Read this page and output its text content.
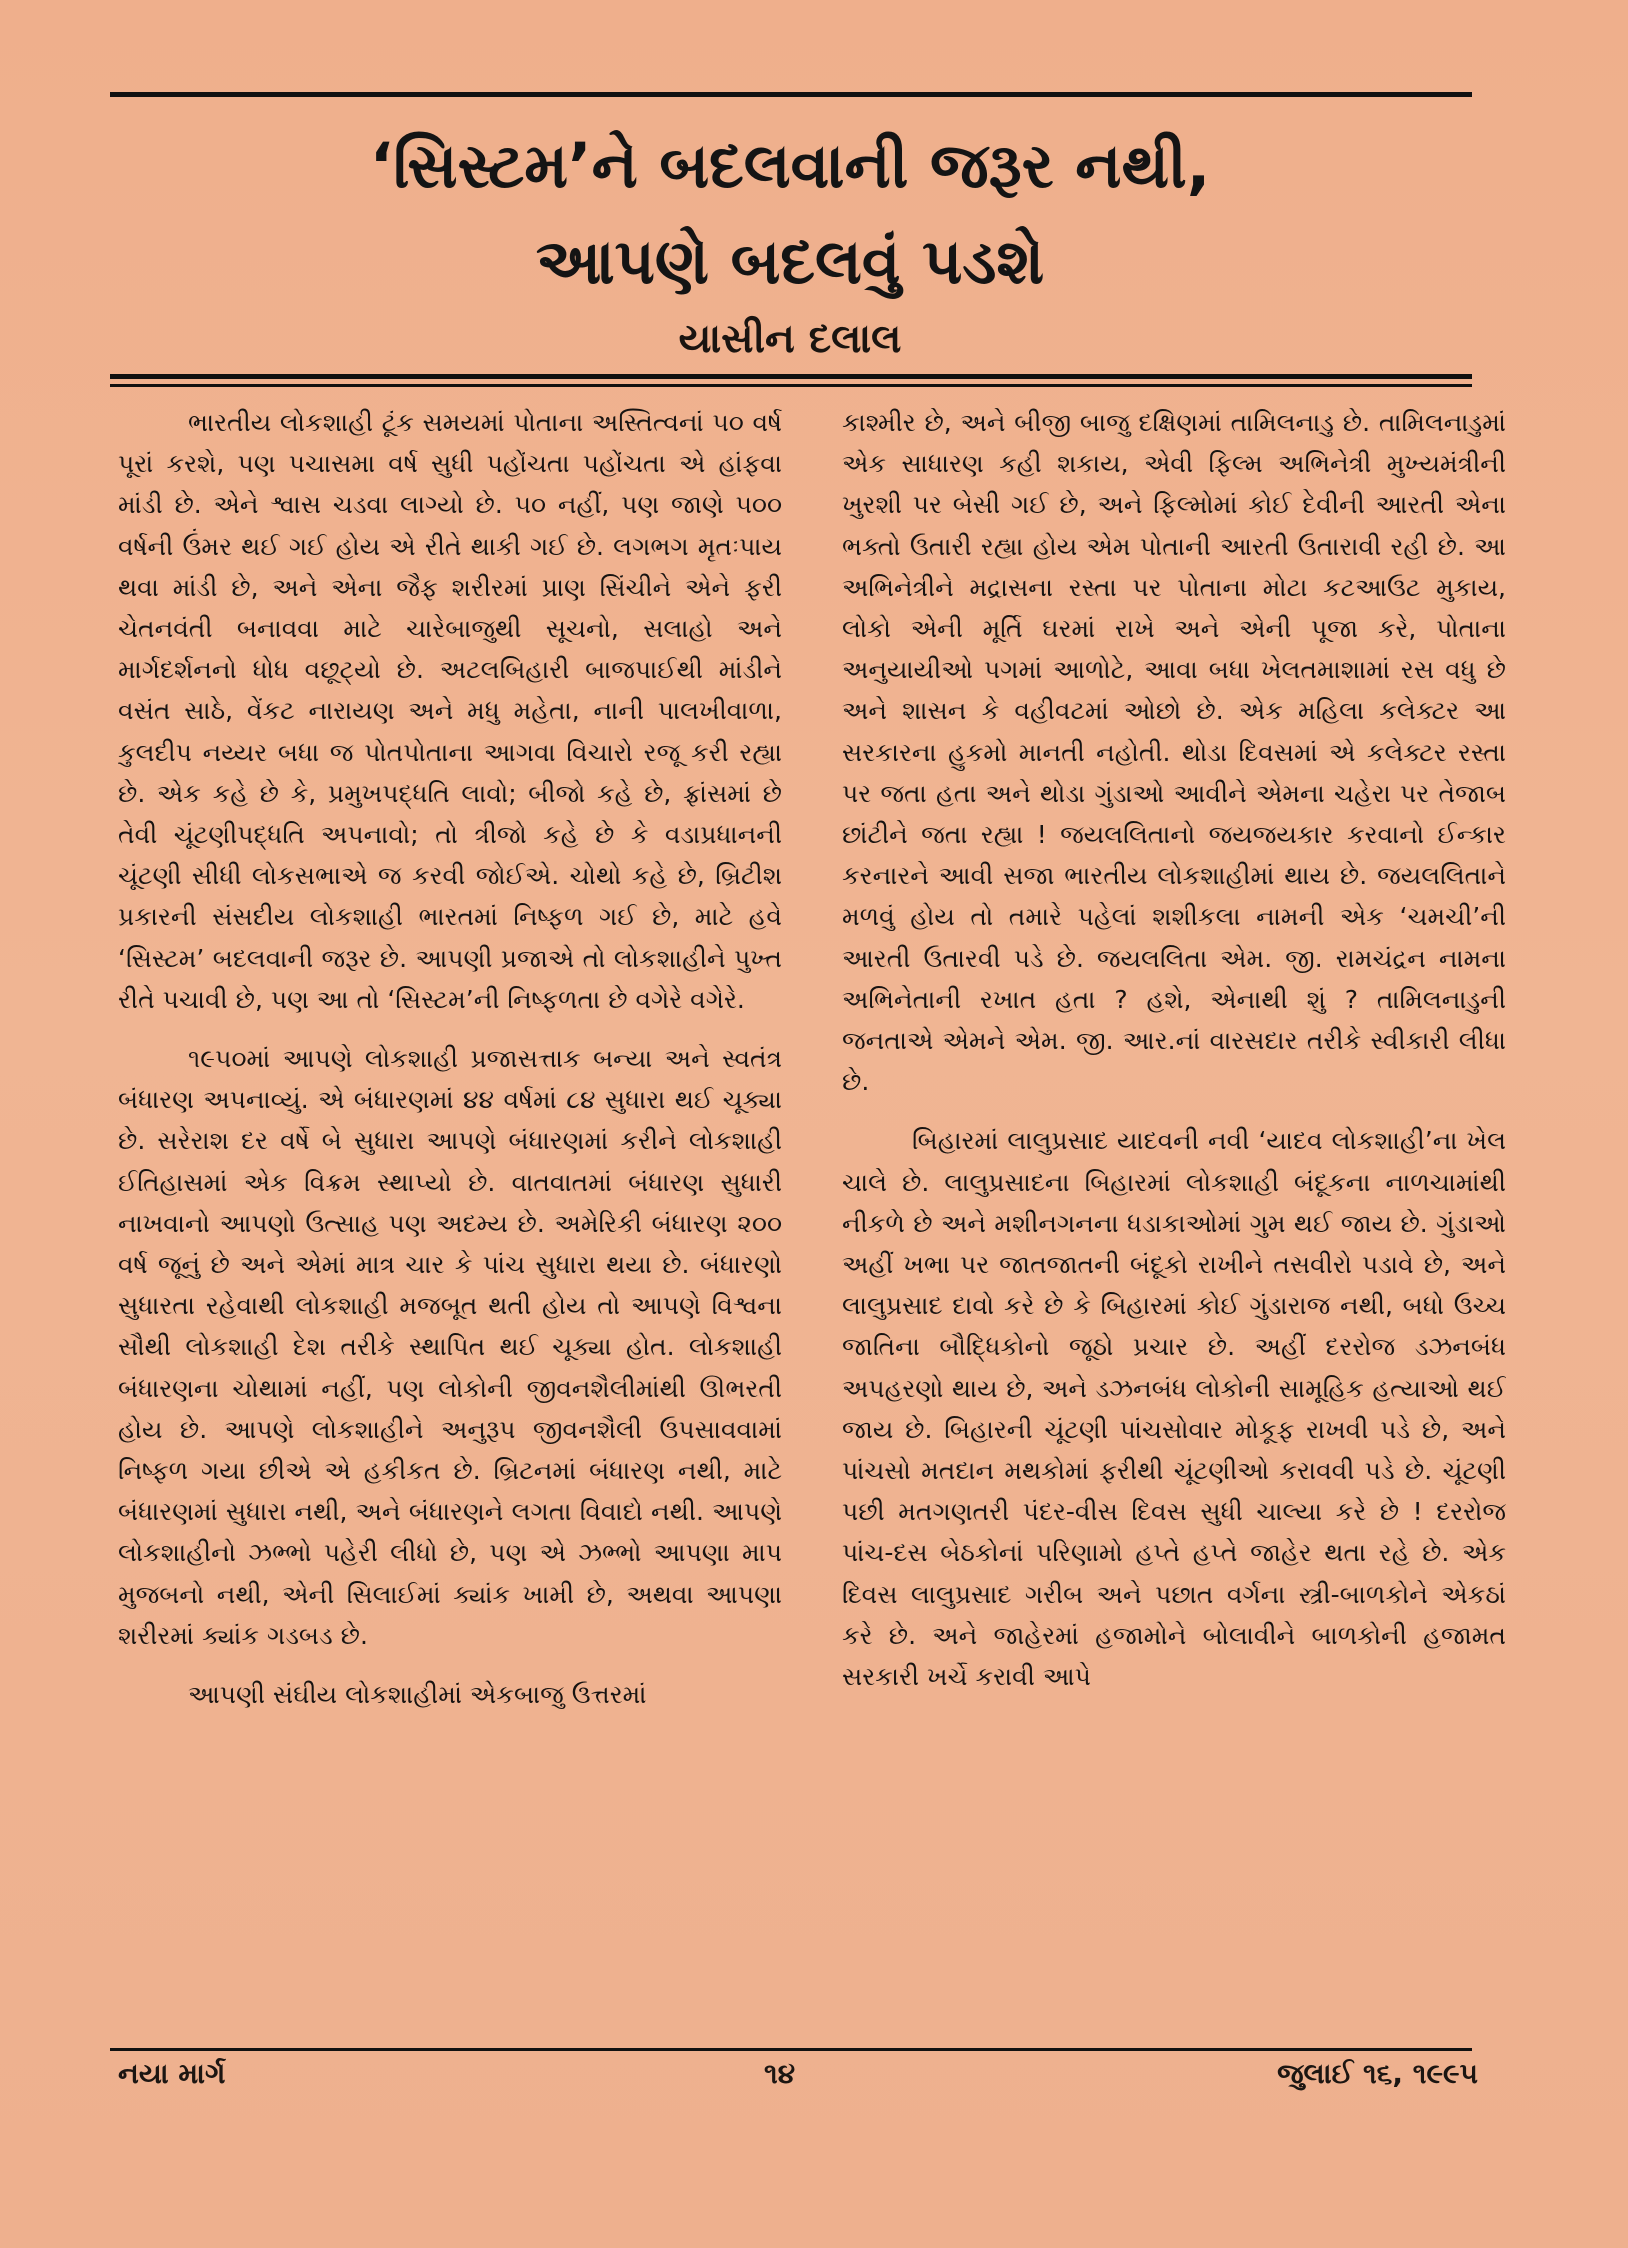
‘સિસ્ટમ’ને બદલવાની જરૂર નથી,
આપણે બદલવું પડશે
યાસીન દલાલ

ભારતીય લોકશાહી ટૂંક સમયમાં પોતાના અસ્તિત્વનાં ૫૦ વર્ષ પૂરાં કરશે, પણ પચાસમા વર્ષ સુધી પહોંચતા પહોંચતા એ હાંફવા માંડી છે. એને શ્વાસ ચડવા લાગ્યો છે. ૫૦ નહીં, પણ જાણે ૫૦૦ વર્ષની ઉંમર થઈ ગઈ હોય એ રીતે થાકી ગઈ છે. લગભગ મૃતઃપાય થવા માંડી છે, અને એના જૈફ શરીરમાં પ્રાણ સિંચીને એને ફરી ચેતનવંતી બનાવવા માટે ચારેબાજુથી સૂચનો, સલાહો અને માર્ગદર્શનનો ધોધ વછૂટ્યો છે. અટલબિહારી બાજપાઈથી માંડીને વસંત સાઠે, વેંકટ નારાયણ અને મધુ મહેતા, નાની પાલખીવાળા, કુલદીપ નય્યર બધા જ પોતપોતાના આગવા વિચારો રજૂ કરી રહ્યા છે. એક કહે છે કે, પ્રમુખપદ્ધતિ લાવો; બીજો કહે છે, ફ્રાંસમાં છે તેવી ચૂંટણીપદ્ધતિ અપનાવો; તો ત્રીજો કહે છે કે વડાપ્રધાનની ચૂંટણી સીધી લોકસભાએ જ કરવી જોઈએ. ચોથો કહે છે, બ્રિટીશ પ્રકારની સંસદીય લોકશાહી ભારતમાં નિષ્ફળ ગઈ છે, માટે હવે ‘સિસ્ટમ’ બદલવાની જરૂર છે. આપણી પ્રજાએ તો લોકશાહીને પુખ્ત રીતે પચાવી છે, પણ આ તો ‘સિસ્ટમ’ની નિષ્ફળતા છે વગેરે વગેરે.

૧૯૫૦માં આપણે લોકશાહી પ્રજાસત્તાક બન્યા અને સ્વતંત્ર બંધારણ અપનાવ્યું. એ બંધારણમાં ૪૪ વર્ષમાં ૮૪ સુધારા થઈ ચૂક્યા છે. સરેરાશ દર વર્ષે બે સુધારા આપણે બંધારણમાં કરીને લોકશાહી ઈતિહાસમાં એક વિક્રમ સ્થાપ્યો છે. વાતવાતમાં બંધારણ સુધારી નાખવાનો આપણો ઉત્સાહ પણ અદમ્ય છે. અમેરિકી બંધારણ ૨૦૦ વર્ષ જૂનું છે અને એમાં માત્ર ચાર કે પાંચ સુધારા થયા છે. બંધારણો સુધારતા રહેવાથી લોકશાહી મજબૂત થતી હોય તો આપણે વિશ્વના સૌથી લોકશાહી દેશ તરીકે સ્થાપિત થઈ ચૂક્યા હોત. લોકશાહી બંધારણના ચોથામાં નહીં, પણ લોકોની જીવનશૈલીમાંથી ઊભરતી હોય છે. આપણે લોકશાહીને અનુરૂપ જીવનશૈલી ઉપસાવવામાં નિષ્ફળ ગયા છીએ એ હકીકત છે. બ્રિટનમાં બંધારણ નથી, માટે બંધારણમાં સુધારા નથી, અને બંધારણને લગતા વિવાદો નથી. આપણે લોકશાહીનો ઝભ્ભો પહેરી લીધો છે, પણ એ ઝભ્ભો આપણા માપ મુજબનો નથી, એની સિલાઈમાં ક્યાંક ખામી છે, અથવા આપણા શરીરમાં ક્યાંક ગડબડ છે.

આપણી સંઘીય લોકશાહીમાં એકબાજુ ઉત્તરમાં

કાશ્મીર છે, અને બીજી બાજુ દક્ષિણમાં તામિલનાડુ છે. તામિલનાડુમાં એક સાધારણ કહી શકાય, એવી ફિલ્મ અભિનેત્રી મુખ્યમંત્રીની ખુરશી પર બેસી ગઈ છે, અને ફિલ્મોમાં કોઈ દેવીની આરતી એના ભક્તો ઉતારી રહ્યા હોય એમ પોતાની આરતી ઉતારાવી રહી છે. આ અભિનેત્રીને મદ્રાસના રસ્તા પર પોતાના મોટા કટઆઉટ મુકાય, લોકો એની મૂર્તિ ઘરમાં રાખે અને એની પૂજા કરે, પોતાના અનુયાયીઓ પગમાં આળોટે, આવા બધા ખેલતમાશામાં રસ વધુ છે અને શાસન કે વહીવટમાં ઓછો છે. એક મહિલા કલેક્ટર આ સરકારના હુકમો માનતી નહોતી. થોડા દિવસમાં એ કલેક્ટર રસ્તા પર જતા હતા અને થોડા ગુંડાઓ આવીને એમના ચહેરા પર તેજાબ છાંટીને જતા રહ્યા ! જયલલિતાનો જયજયકાર કરવાનો ઈન્કાર કરનારને આવી સજા ભારતીય લોકશાહીમાં થાય છે. જયલલિતાને મળવું હોય તો તમારે પહેલાં શશીકલા નામની એક ‘ચમચી’ની આરતી ઉતારવી પડે છે. જયલલિતા એમ. જી. રામચંદ્રન નામના અભિનેતાની રખાત હતા ? હશે, એનાથી શું ? તામિલનાડુની જનતાએ એમને એમ. જી. આર.નાં વારસદાર તરીકે સ્વીકારી લીધા છે.

બિહારમાં લાલુપ્રસાદ યાદવની નવી ‘યાદવ લોકશાહી’ના ખેલ ચાલે છે. લાલુપ્રસાદના બિહારમાં લોકશાહી બંદૂકના નાળચામાંથી નીકળે છે અને મશીનગનના ધડાકાઓમાં ગુમ થઈ જાય છે. ગુંડાઓ અહીં ખભા પર જાતજાતની બંદૂકો રાખીને તસવીરો પડાવે છે, અને લાલુપ્રસાદ દાવો કરે છે કે બિહારમાં કોઈ ગુંડારાજ નથી, બધો ઉચ્ચ જાતિના બૌદ્ધિકોનો જૂઠો પ્રચાર છે. અહીં દરરોજ ડઝનબંધ અપહરણો થાય છે, અને ડઝનબંધ લોકોની સામૂહિક હત્યાઓ થઈ જાય છે. બિહારની ચૂંટણી પાંચસોવાર મોકૂફ રાખવી પડે છે, અને પાંચસો મતદાન મથકોમાં ફરીથી ચૂંટણીઓ કરાવવી પડે છે. ચૂંટણી પછી મતગણતરી પંદર-વીસ દિવસ સુધી ચાલ્યા કરે છે ! દરરોજ પાંચ-દસ બેઠકોનાં પરિણામો હપ્તે હપ્તે જાહેર થતા રહે છે. એક દિવસ લાલુપ્રસાદ ગરીબ અને પછાત વર્ગના સ્ત્રી-બાળકોને એકઠાં કરે છે. અને જાહેરમાં હજામોને બોલાવીને બાળકોની હજામત સરકારી ખર્ચે કરાવી આપે

નયા માર્ગ	૧૪	જુલાઈ ૧૬, ૧૯૯૫
